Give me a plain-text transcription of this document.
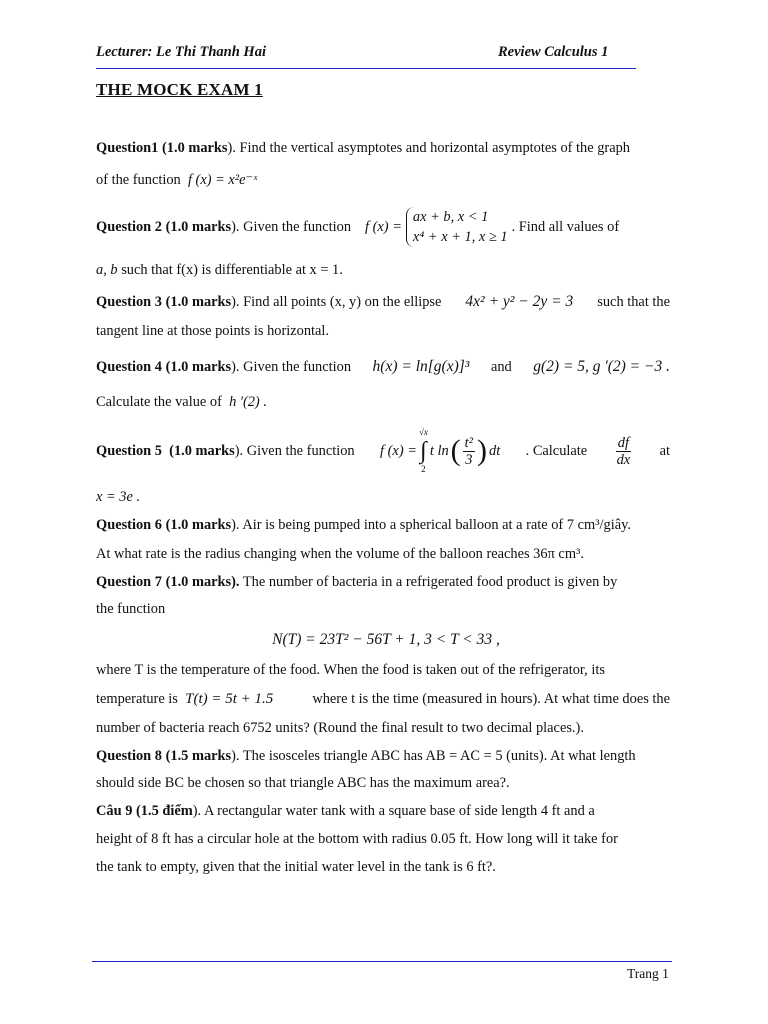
Lecturer: Le Thi Thanh Hai	Review Calculus 1
THE MOCK EXAM 1
Question1 (1.0 marks). Find the vertical asymptotes and horizontal asymptotes of the graph
of the function f (x) = x²e⁻ˣ
Question 2
(1.0 marks ). Given the function f (x) =
ax + b, x < 1
x⁴ + x + 1, x ≥ 1
. Find all values of
a, b such that f(x) is differentiable at x = 1.
Question 3 (1.0 marks). Find all points (x, y) on the ellipse 4x² + y² − 2y = 3 such that the
tangent line at those points is horizontal.
Question 4 (1.0 marks). Given the function h(x) = ln[g(x)]³ and g(2) = 5, g '(2) = −3 .
Calculate the value of h '(2) .
Question 5 (1.0 marks). Given the function f (x) =
√x
∫
2
t ln ( $\frac{\text{t²}}{3}$ ) dt . Calculate $\frac{df}{dx}$ at
x = 3e .
Question 6 (1.0 marks). Air is being pumped into a spherical balloon at a rate of 7 cm³/giây.
At what rate is the radius changing when the volume of the balloon reaches 36π cm³.
Question 7 (1.0 marks). The number of bacteria in a refrigerated food product is given by
the function
N(T) = 23T² − 56T + 1, 3 < T < 33 ,
where T is the temperature of the food. When the food is taken out of the refrigerator, its
temperature is T(t) = 5t + 1.5	where t is the time (measured in hours). At what time does the
number of bacteria reach 6752 units? (Round the final result to two decimal places.).
Question 8 (1.5 marks). The isosceles triangle ABC has AB = AC = 5 (units). At what length
should side BC be chosen so that triangle ABC has the maximum area?.
Câu 9 (1.5 điểm). A rectangular water tank with a square base of side length 4 ft and a
height of 8 ft has a circular hole at the bottom with radius 0.05 ft. How long will it take for
the tank to empty, given that the initial water level in the tank is 6 ft?.
Trang 1
